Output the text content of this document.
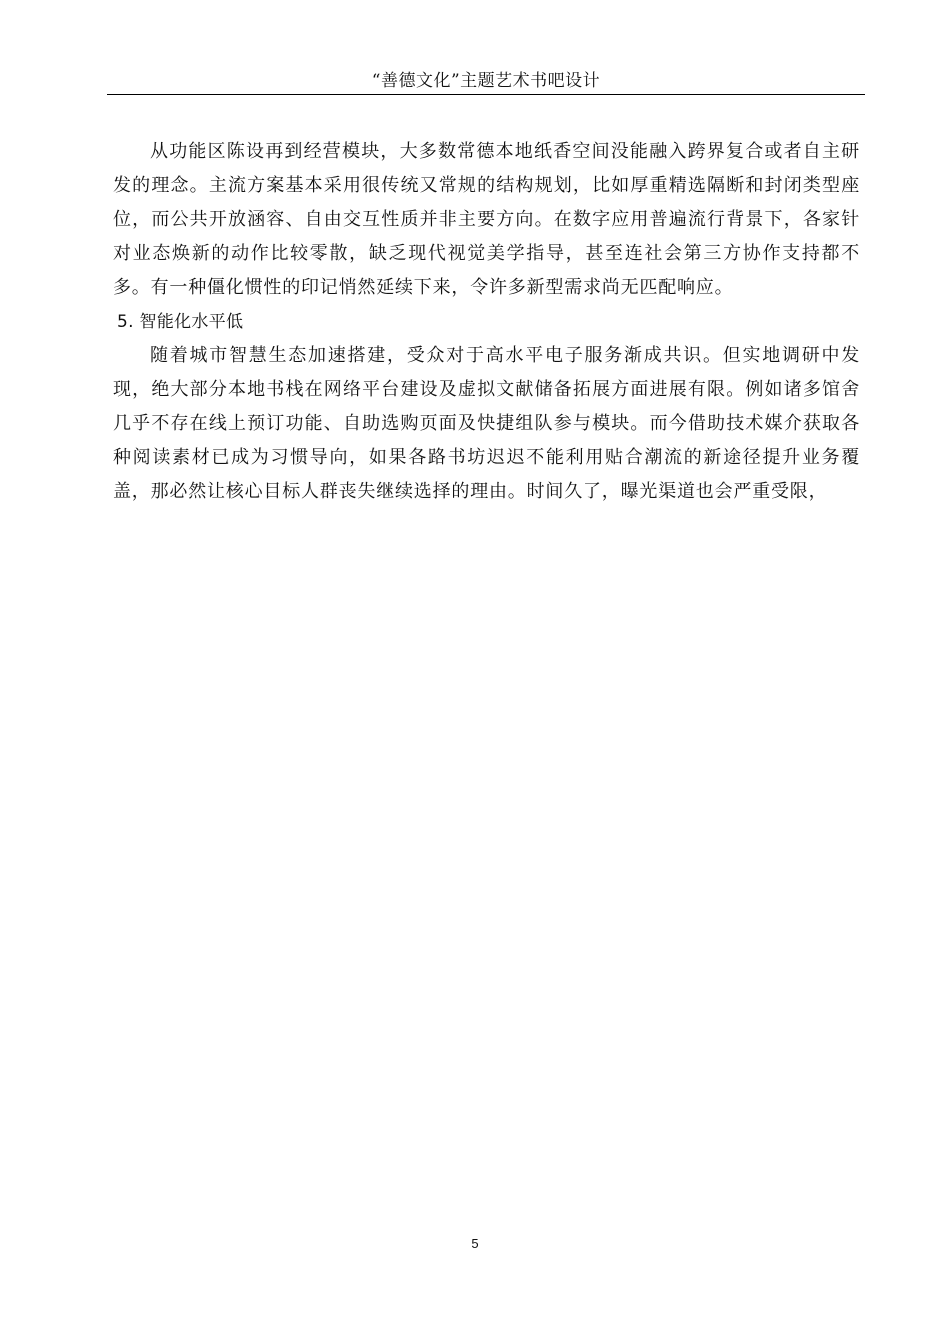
“善德文化”主题艺术书吧设计

从功能区陈设再到经营模块，大多数常德本地纸香空间没能融入跨界复合或者自主研发的理念。主流方案基本采用很传统又常规的结构规划，比如厚重精选隔断和封闭类型座位，而公共开放涵容、自由交互性质并非主要方向。在数字应用普遍流行背景下，各家针对业态焕新的动作比较零散，缺乏现代视觉美学指导，甚至连社会第三方协作支持都不多。有一种僵化惯性的印记悄然延续下来，令许多新型需求尚无匹配响应。

5. 智能化水平低

随着城市智慧生态加速搭建，受众对于高水平电子服务渐成共识。但实地调研中发现，绝大部分本地书栈在网络平台建设及虚拟文献储备拓展方面进展有限。例如诸多馆舍几乎不存在线上预订功能、自助选购页面及快捷组队参与模块。而今借助技术媒介获取各种阅读素材已成为习惯导向，如果各路书坊迟迟不能利用贴合潮流的新途径提升业务覆盖，那必然让核心目标人群丧失继续选择的理由。时间久了，曝光渠道也会严重受限，

5
